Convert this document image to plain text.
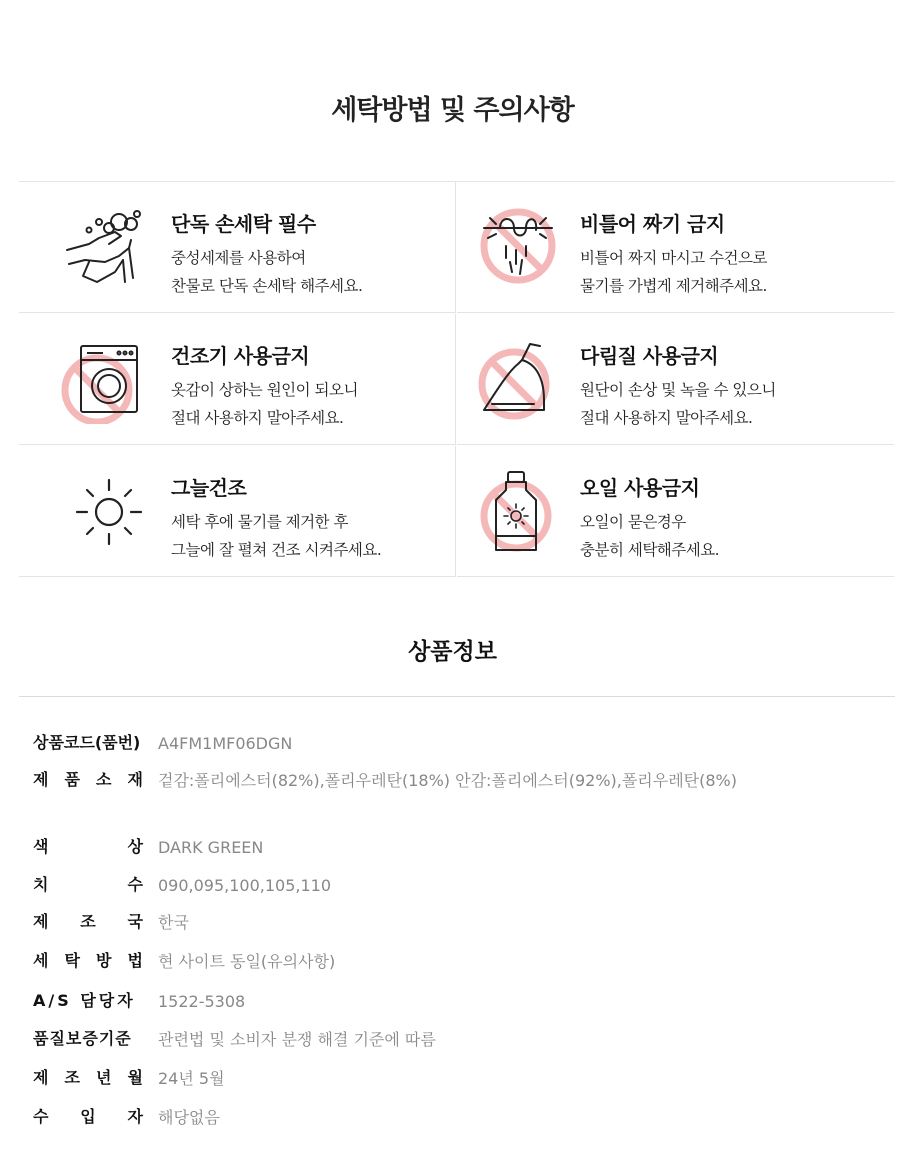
세탁방법 및 주의사항
단독 손세탁 필수
중성세제를 사용하여
찬물로 단독 손세탁 해주세요.
비틀어 짜기 금지
비틀어 짜지 마시고 수건으로
물기를 가볍게 제거해주세요.
건조기 사용금지
옷감이 상하는 원인이 되오니
절대 사용하지 말아주세요.
다림질 사용금지
원단이 손상 및 녹을 수 있으니
절대 사용하지 말아주세요.
그늘건조
세탁 후에 물기를 제거한 후
그늘에 잘 펼쳐 건조 시켜주세요.
오일 사용금지
오일이 묻은경우
충분히 세탁해주세요.
상품정보
상품코드(품번) A4FM1MF06DGN
제 품 소 재 겉감:폴리에스터(82%),폴리우레탄(18%) 안감:폴리에스터(92%),폴리우레탄(8%)
색	상 DARK GREEN
치	수 090,095,100,105,110
제 조 국 한국
세 탁 방 법 현 사이트 동일(유의사항)
A/S 담당자	1522-5308
품질보증기준	관련법 및 소비자 분쟁 해결 기준에 따름
제 조 년 월 24년 5월
수 입 자 해당없음
